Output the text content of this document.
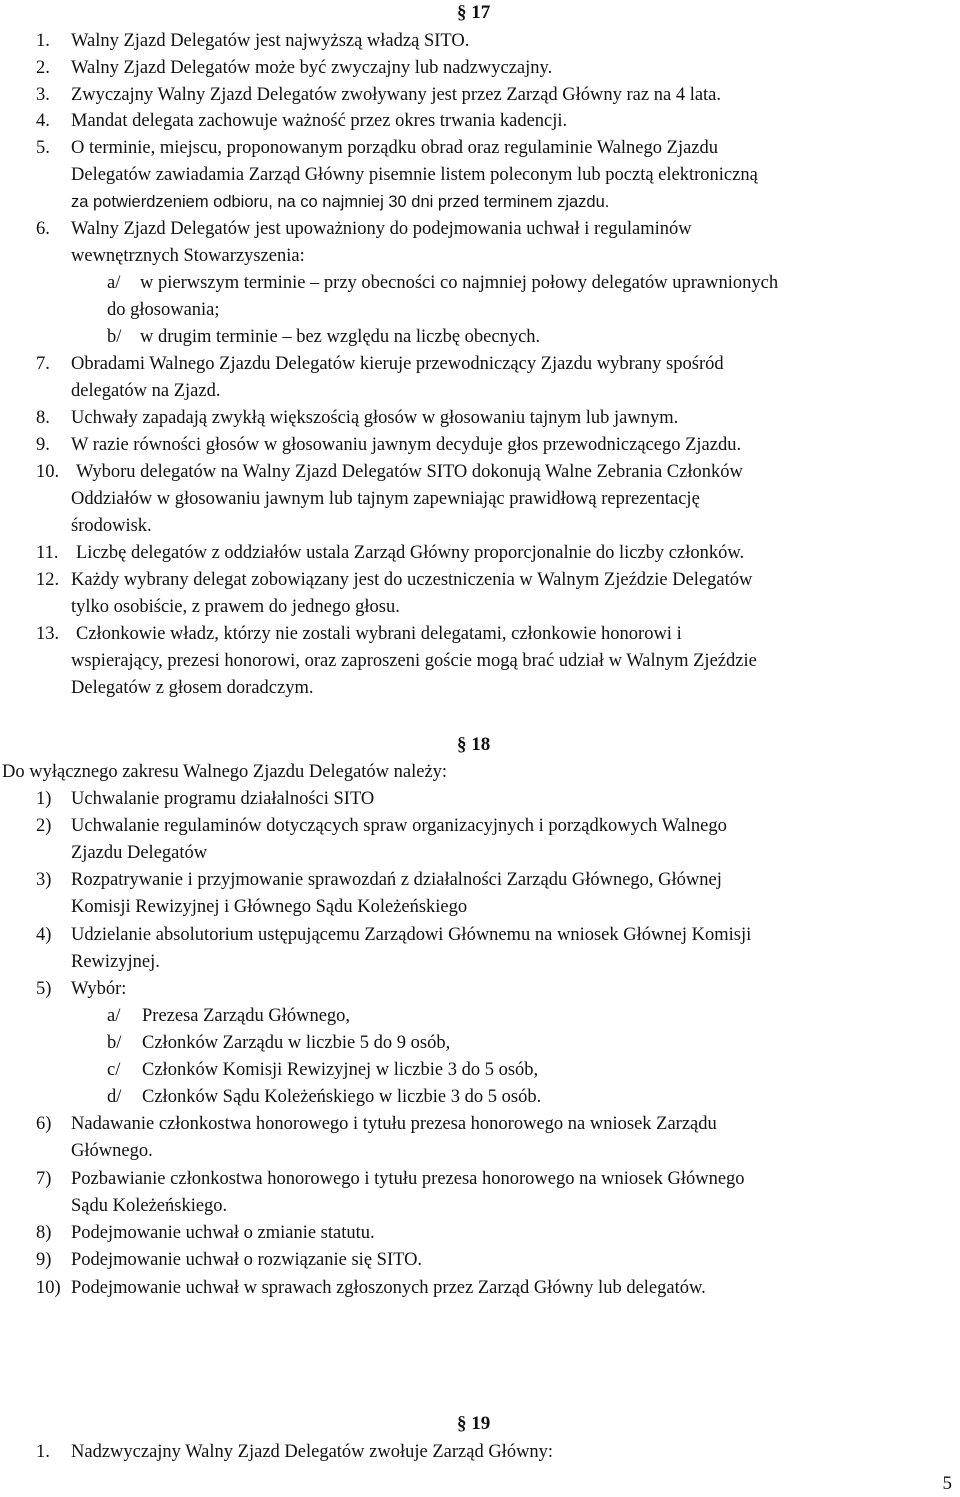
§ 17
1. Walny Zjazd Delegatów jest najwyższą władzą SITO.
2. Walny Zjazd Delegatów może być zwyczajny lub nadzwyczajny.
3. Zwyczajny Walny Zjazd Delegatów zwoływany jest przez Zarząd Główny raz na 4 lata.
4. Mandat delegata zachowuje ważność przez okres trwania kadencji.
5. O terminie, miejscu, proponowanym porządku obrad oraz regulaminie Walnego Zjazdu
Delegatów zawiadamia Zarząd Główny pisemnie listem poleconym lub pocztą elektroniczną
za potwierdzeniem odbioru, na co najmniej 30 dni przed terminem zjazdu.
6. Walny Zjazd Delegatów jest upoważniony do podejmowania uchwał i regulaminów
wewnętrznych Stowarzyszenia:
a/ w pierwszym terminie – przy obecności co najmniej połowy delegatów uprawnionych
do głosowania;
b/ w drugim terminie – bez względu na liczbę obecnych.
7. Obradami Walnego Zjazdu Delegatów kieruje przewodniczący Zjazdu wybrany spośród
delegatów na Zjazd.
8. Uchwały zapadają zwykłą większością głosów w głosowaniu tajnym lub jawnym.
9. W razie równości głosów w głosowaniu jawnym decyduje głos przewodniczącego Zjazdu.
10. Wyboru delegatów na Walny Zjazd Delegatów SITO dokonują Walne Zebrania Członków
Oddziałów w głosowaniu jawnym lub tajnym zapewniając prawidłową reprezentację
środowisk.
11. Liczbę delegatów z oddziałów ustala Zarząd Główny proporcjonalnie do liczby członków.
12. Każdy wybrany delegat zobowiązany jest do uczestniczenia w Walnym Zjeździe Delegatów
tylko osobiście, z prawem do jednego głosu.
13. Członkowie władz, którzy nie zostali wybrani delegatami, członkowie honorowi i
wspierający, prezesi honorowi, oraz zaproszeni goście mogą brać udział w Walnym Zjeździe
Delegatów z głosem doradczym.
§ 18
Do wyłącznego zakresu Walnego Zjazdu Delegatów należy:
1) Uchwalanie programu działalności SITO
2) Uchwalanie regulaminów dotyczących spraw organizacyjnych i porządkowych Walnego
Zjazdu Delegatów
3) Rozpatrywanie i przyjmowanie sprawozdań z działalności Zarządu Głównego, Głównej
Komisji Rewizyjnej i Głównego Sądu Koleżeńskiego
4) Udzielanie absolutorium ustępującemu Zarządowi Głównemu na wniosek Głównej Komisji
Rewizyjnej.
5) Wybór:
a/ Prezesa Zarządu Głównego,
b/ Członków Zarządu w liczbie 5 do 9 osób,
c/ Członków Komisji Rewizyjnej w liczbie 3 do 5 osób,
d/ Członków Sądu Koleżeńskiego w liczbie 3 do 5 osób.
6) Nadawanie członkostwa honorowego i tytułu prezesa honorowego na wniosek Zarządu
Głównego.
7) Pozbawianie członkostwa honorowego i tytułu prezesa honorowego na wniosek Głównego
Sądu Koleżeńskiego.
8) Podejmowanie uchwał o zmianie statutu.
9) Podejmowanie uchwał o rozwiązanie się SITO.
10) Podejmowanie uchwał w sprawach zgłoszonych przez Zarząd Główny lub delegatów.
§ 19
1. Nadzwyczajny Walny Zjazd Delegatów zwołuje Zarząd Główny:
5
